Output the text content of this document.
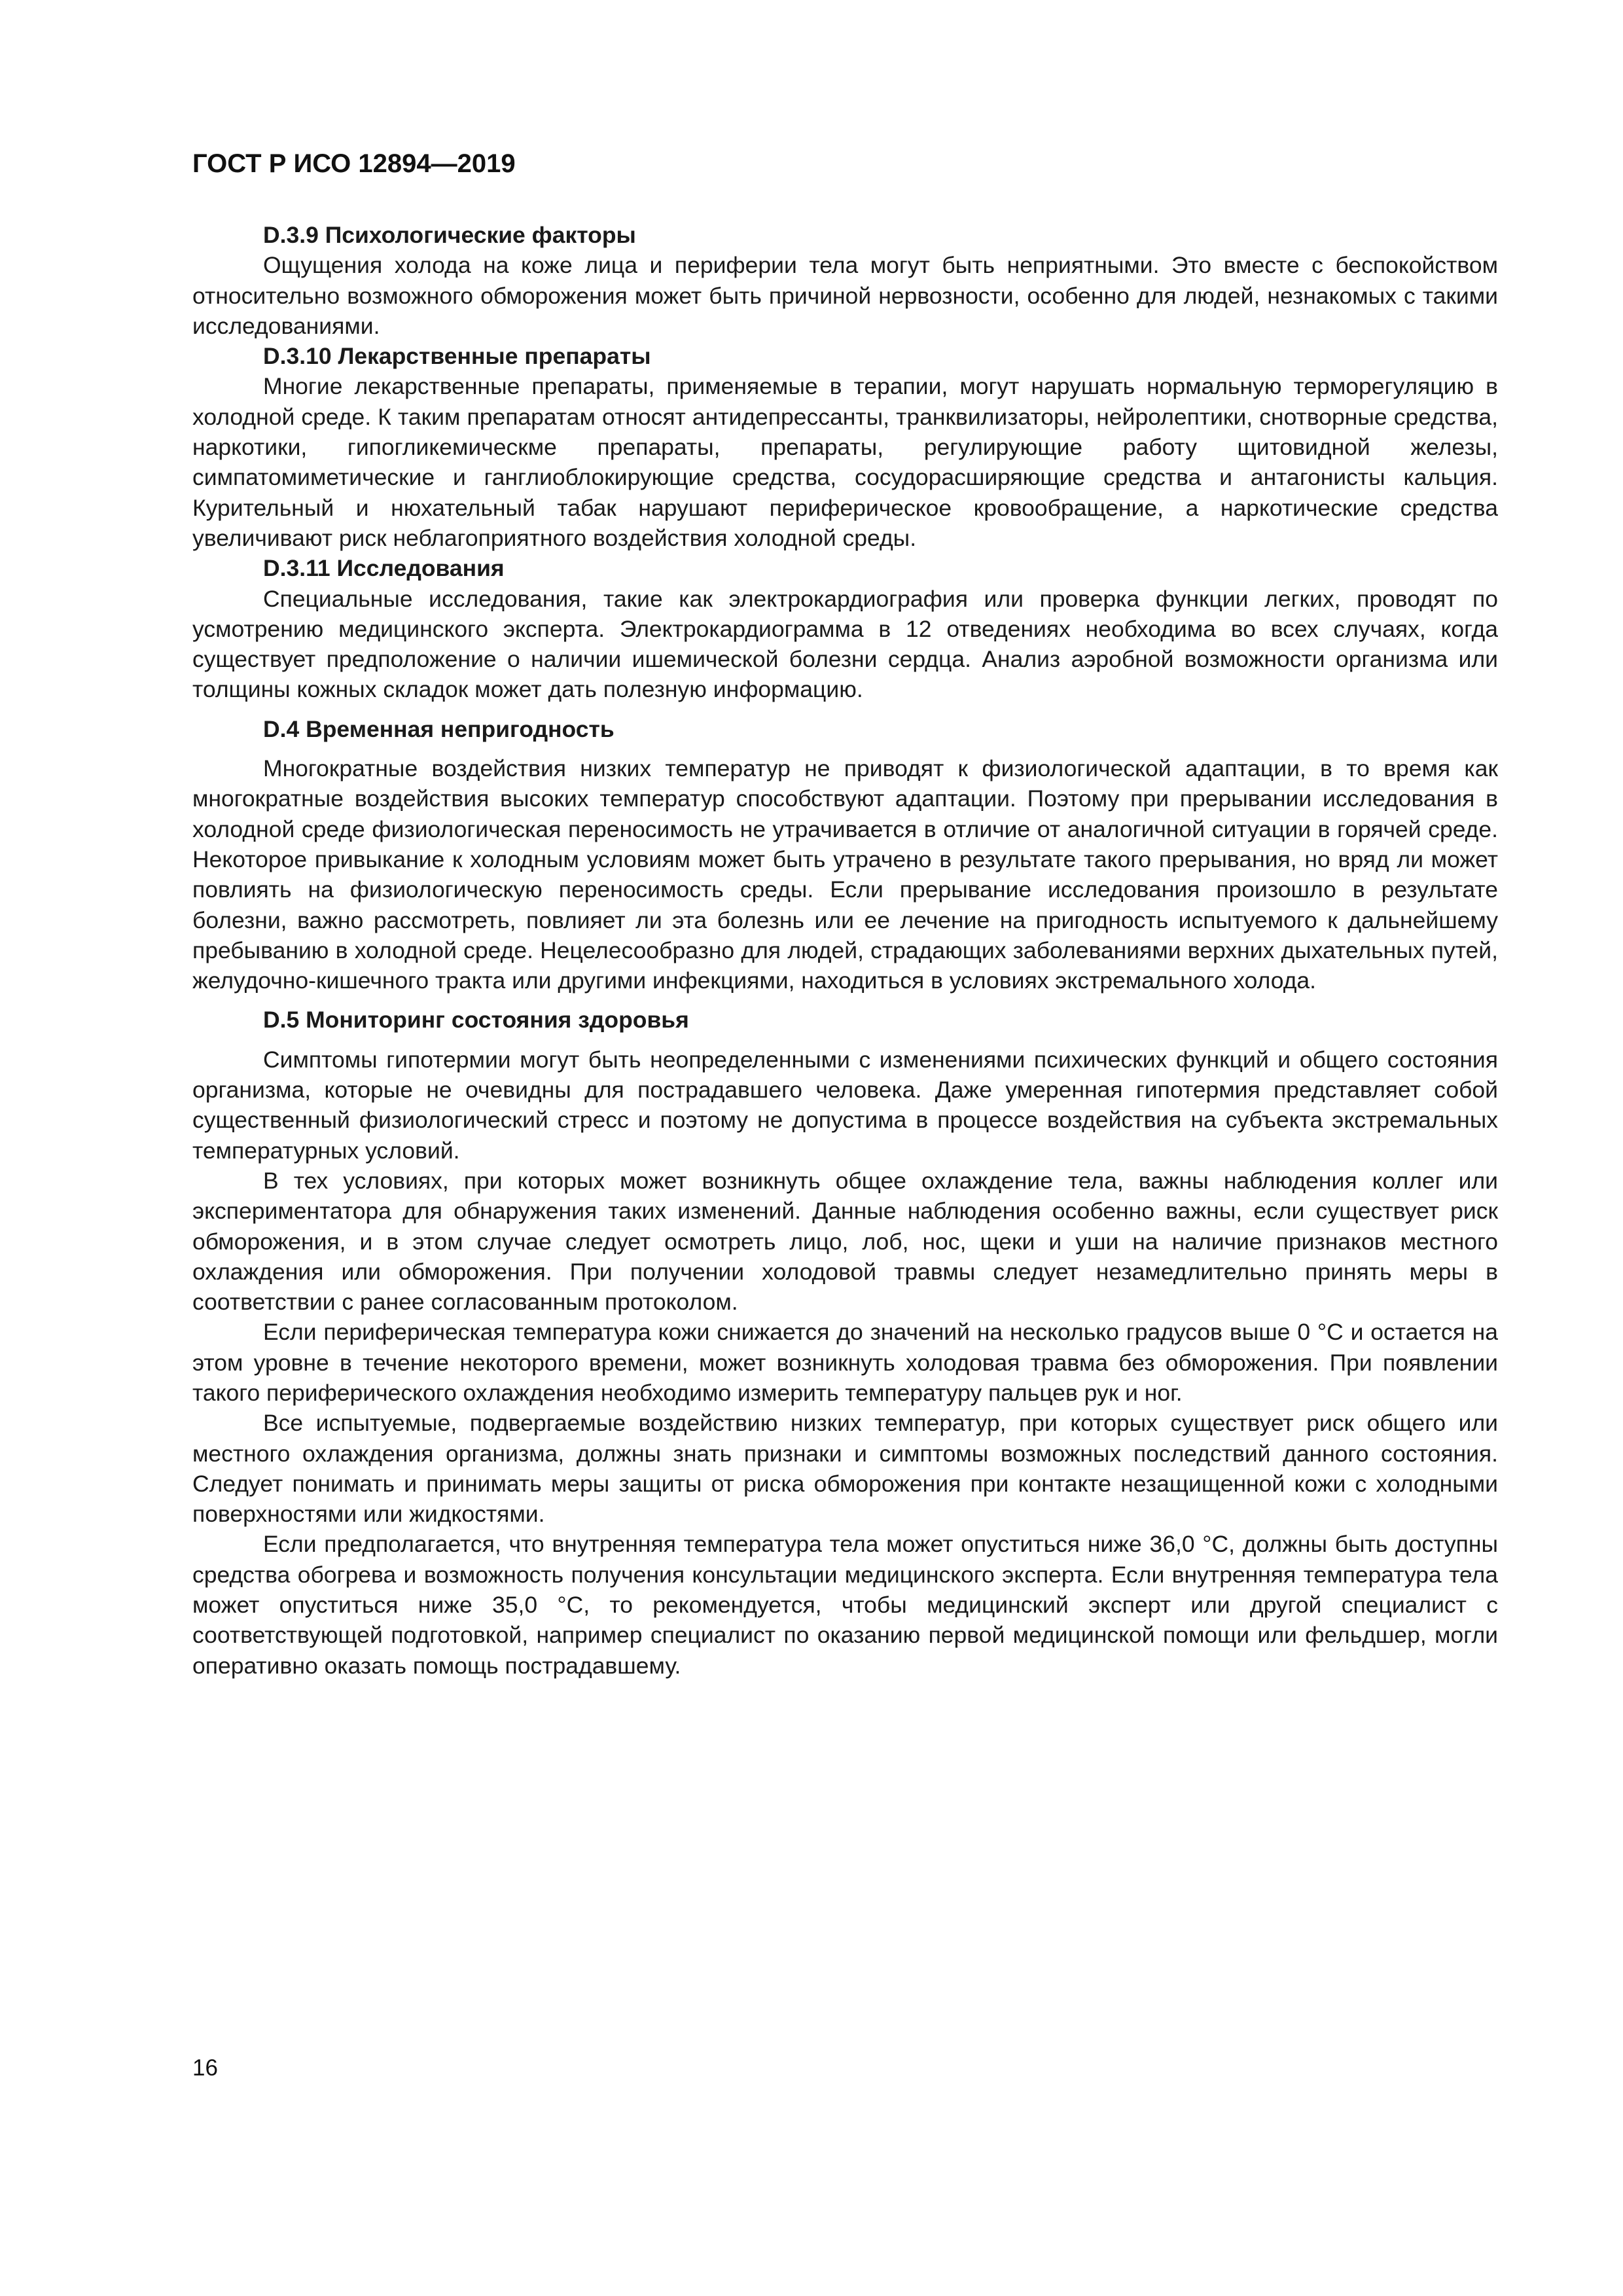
ГОСТ Р ИСО 12894—2019
D.3.9 Психологические факторы

Ощущения холода на коже лица и периферии тела могут быть неприятными. Это вместе с беспокойством относительно возможного обморожения может быть причиной нервозности, особенно для людей, незнакомых с такими исследованиями.

D.3.10 Лекарственные препараты

Многие лекарственные препараты, применяемые в терапии, могут нарушать нормальную терморегуляцию в холодной среде. К таким препаратам относят антидепрессанты, транквилизаторы, нейролептики, снотворные средства, наркотики, гипогликемическме препараты, препараты, регулирующие работу щитовидной железы, симпатомиметические и ганглиоблокирующие средства, сосудорасширяющие средства и антагонисты кальция. Курительный и нюхательный табак нарушают периферическое кровообращение, а наркотические средства увеличивают риск неблагоприятного воздействия холодной среды.

D.3.11 Исследования

Специальные исследования, такие как электрокардиография или проверка функции легких, проводят по усмотрению медицинского эксперта. Электрокардиограмма в 12 отведениях необходима во всех случаях, когда существует предположение о наличии ишемической болезни сердца. Анализ аэробной возможности организма или толщины кожных складок может дать полезную информацию.

D.4 Временная непригодность

Многократные воздействия низких температур не приводят к физиологической адаптации, в то время как многократные воздействия высоких температур способствуют адаптации. Поэтому при прерывании исследования в холодной среде физиологическая переносимость не утрачивается в отличие от аналогичной ситуации в горячей среде. Некоторое привыкание к холодным условиям может быть утрачено в результате такого прерывания, но вряд ли может повлиять на физиологическую переносимость среды. Если прерывание исследования произошло в результате болезни, важно рассмотреть, повлияет ли эта болезнь или ее лечение на пригодность испытуемого к дальнейшему пребыванию в холодной среде. Нецелесообразно для людей, страдающих заболеваниями верхних дыхательных путей, желудочно-кишечного тракта или другими инфекциями, находиться в условиях экстремального холода.

D.5 Мониторинг состояния здоровья

Симптомы гипотермии могут быть неопределенными с изменениями психических функций и общего состояния организма, которые не очевидны для пострадавшего человека. Даже умеренная гипотермия представляет собой существенный физиологический стресс и поэтому не допустима в процессе воздействия на субъекта экстремальных температурных условий.

В тех условиях, при которых может возникнуть общее охлаждение тела, важны наблюдения коллег или экспериментатора для обнаружения таких изменений. Данные наблюдения особенно важны, если существует риск обморожения, и в этом случае следует осмотреть лицо, лоб, нос, щеки и уши на наличие признаков местного охлаждения или обморожения. При получении холодовой травмы следует незамедлительно принять меры в соответствии с ранее согласованным протоколом.

Если периферическая температура кожи снижается до значений на несколько градусов выше 0 °С и остается на этом уровне в течение некоторого времени, может возникнуть холодовая травма без обморожения. При появлении такого периферического охлаждения необходимо измерить температуру пальцев рук и ног.

Все испытуемые, подвергаемые воздействию низких температур, при которых существует риск общего или местного охлаждения организма, должны знать признаки и симптомы возможных последствий данного состояния. Следует понимать и принимать меры защиты от риска обморожения при контакте незащищенной кожи с холодными поверхностями или жидкостями.

Если предполагается, что внутренняя температура тела может опуститься ниже 36,0 °С, должны быть доступны средства обогрева и возможность получения консультации медицинского эксперта. Если внутренняя температура тела может опуститься ниже 35,0 °С, то рекомендуется, чтобы медицинский эксперт или другой специалист с соответствующей подготовкой, например специалист по оказанию первой медицинской помощи или фельдшер, могли оперативно оказать помощь пострадавшему.

16
